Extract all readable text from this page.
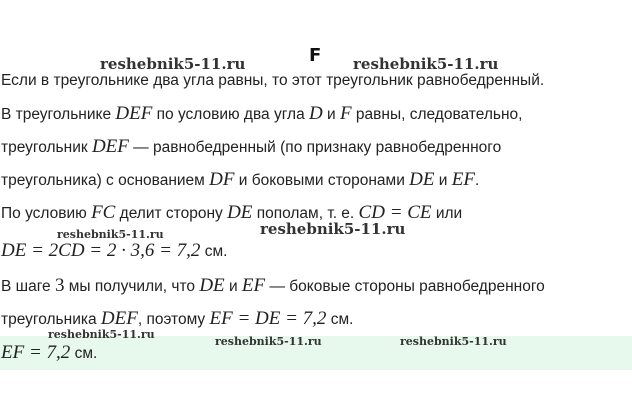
F
reshebnik5-11.ru	reshebnik5-11.ru
reshebnik5-11.ru	reshebnik5-11.ru
reshebnik5-11.ru
reshebnik5-11.ru	reshebnik5-11.ru
Если в треугольнике два угла равны, то этот треугольник равнобедренный.
В треугольнике DEF по условию два угла D и F равны, следовательно,
треугольник DEF — равнобедренный (по признаку равнобедренного
треугольника) с основанием DF и боковыми сторонами DE и EF.
По условию FC делит сторону DE пополам, т. е. CD = CE или
DE = 2CD = 2 · 3,6 = 7,2 см.
В шаге 3 мы получили, что DE и EF — боковые стороны равнобедренного
треугольника DEF, поэтому EF = DE = 7,2 см.
EF = 7,2 см.
